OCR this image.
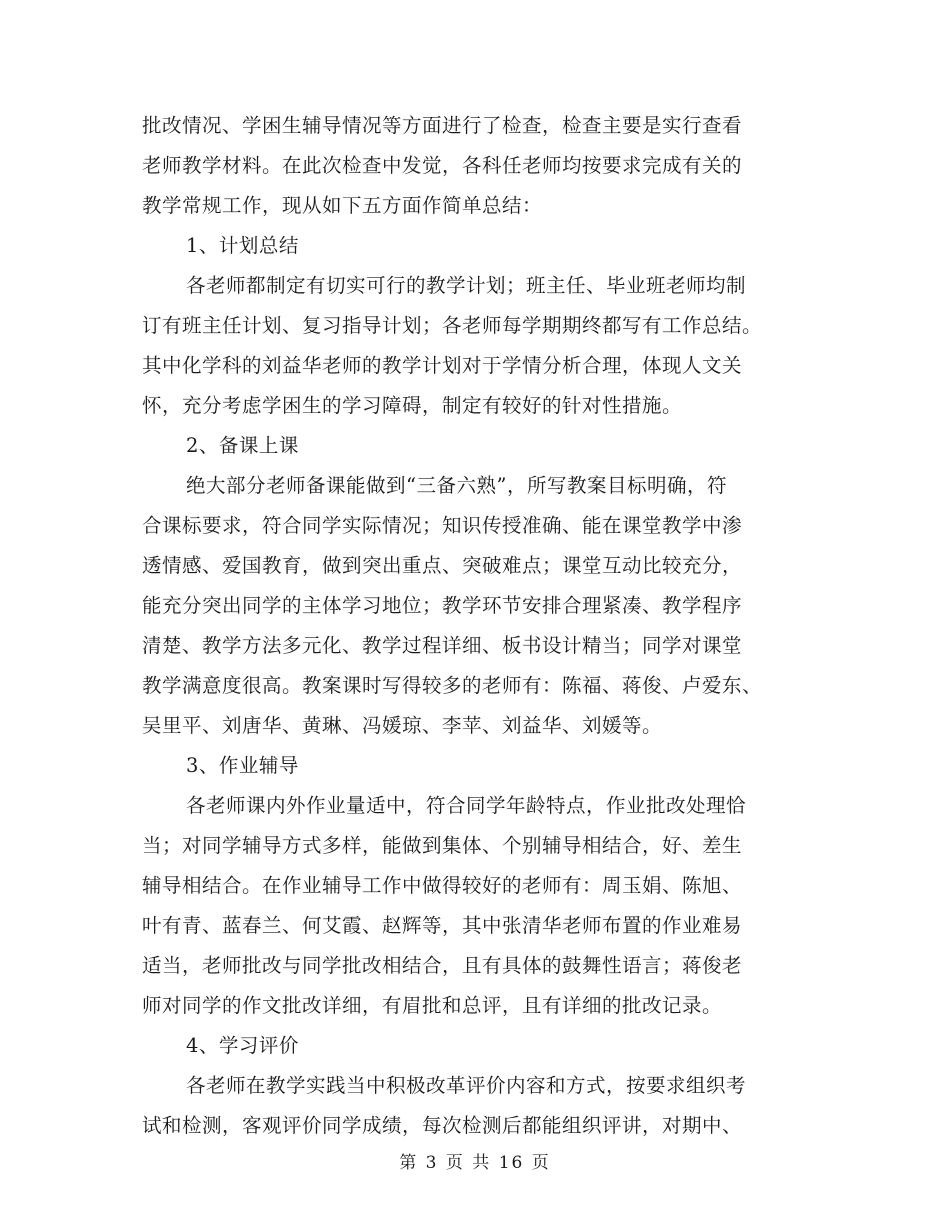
批改情况、学困生辅导情况等方面进行了检查，检查主要是实行查看
老师教学材料。在此次检查中发觉，各科任老师均按要求完成有关的
教学常规工作，现从如下五方面作简单总结：
1、计划总结
各老师都制定有切实可行的教学计划；班主任、毕业班老师均制
订有班主任计划、复习指导计划；各老师每学期期终都写有工作总结。
其中化学科的刘益华老师的教学计划对于学情分析合理，体现人文关
怀，充分考虑学困生的学习障碍，制定有较好的针对性措施。
2、备课上课
绝大部分老师备课能做到“三备六熟”，所写教案目标明确，符
合课标要求，符合同学实际情况；知识传授准确、能在课堂教学中渗
透情感、爱国教育，做到突出重点、突破难点；课堂互动比较充分，
能充分突出同学的主体学习地位；教学环节安排合理紧凑、教学程序
清楚、教学方法多元化、教学过程详细、板书设计精当；同学对课堂
教学满意度很高。教案课时写得较多的老师有：陈福、蒋俊、卢爱东、
吴里平、刘唐华、黄琳、冯媛琼、李苹、刘益华、刘媛等。
3、作业辅导
各老师课内外作业量适中，符合同学年龄特点，作业批改处理恰
当；对同学辅导方式多样，能做到集体、个别辅导相结合，好、差生
辅导相结合。在作业辅导工作中做得较好的老师有：周玉娟、陈旭、
叶有青、蓝春兰、何艾霞、赵辉等，其中张清华老师布置的作业难易
适当，老师批改与同学批改相结合，且有具体的鼓舞性语言；蒋俊老
师对同学的作文批改详细，有眉批和总评，且有详细的批改记录。
4、学习评价
各老师在教学实践当中积极改革评价内容和方式，按要求组织考
试和检测，客观评价同学成绩，每次检测后都能组织评讲，对期中、
第 3 页 共 16 页
